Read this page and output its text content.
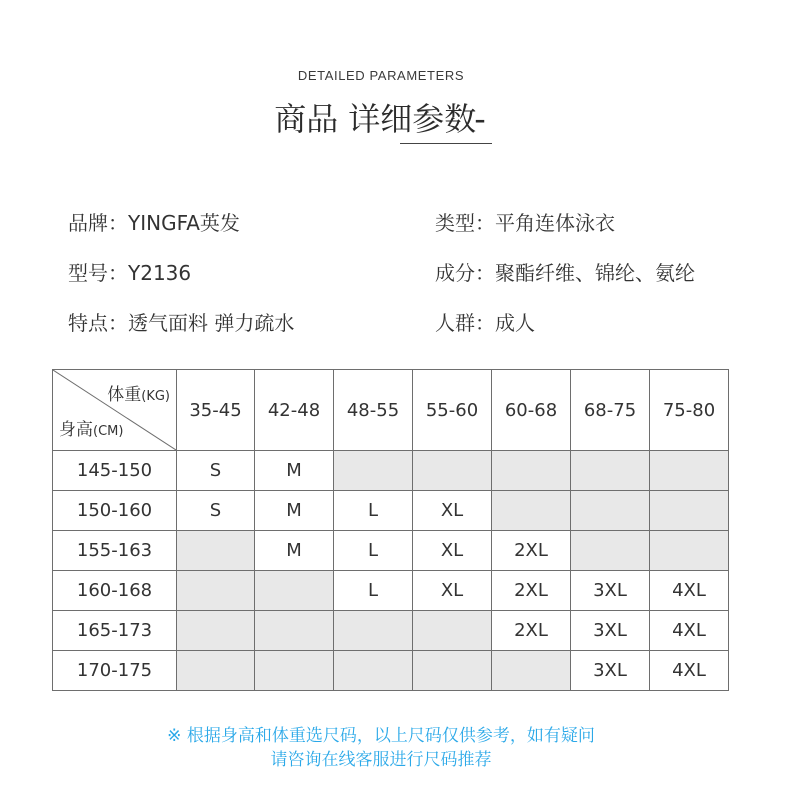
DETAILED PARAMETERS
商品 详细参数-
品牌：YINGFA英发	类型：平角连体泳衣
型号：Y2136	成分：聚酯纤维、锦纶、氨纶
特点：透气面料 弹力疏水	人群：成人
体重(KG)
身高(CM)	35-45	42-48	48-55	55-60	60-68	68-75	75-80
145-150	S	M					
150-160	S	M	L	XL			
155-163		M	L	XL	2XL		
160-168			L	XL	2XL	3XL	4XL
165-173					2XL	3XL	4XL
170-175						3XL	4XL
※ 根据身高和体重选尺码，以上尺码仅供参考，如有疑问
请咨询在线客服进行尺码推荐
